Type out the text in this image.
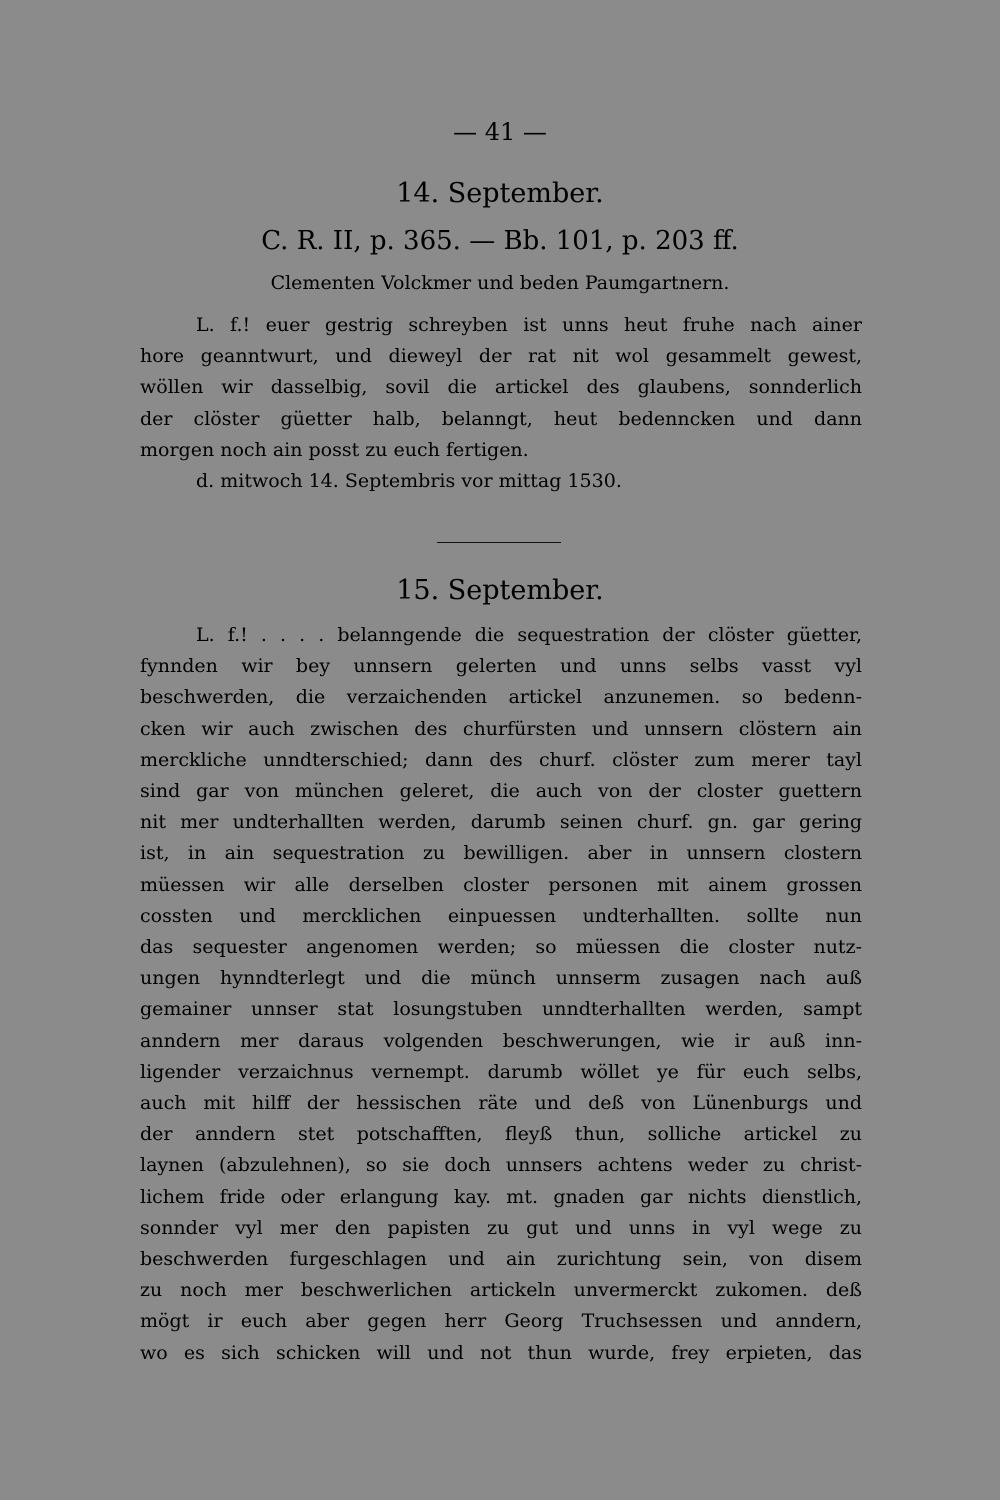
— 41 —
14. September.
C. R. II, p. 365. — Bb. 101, p. 203 ff.
Clementen Volckmer und beden Paumgartnern.
L. f.! euer gestrig schreyben ist unns heut fruhe nach ainer
hore geanntwurt, und dieweyl der rat nit wol gesammelt gewest,
wöllen wir dasselbig, sovil die artickel des glaubens, sonnderlich
der clöster güetter halb, belanngt, heut bedennсken und dann
morgen noch ain posst zu euch fertigen.
d. mitwoch 14. Septembris vor mittag 1530.
15. September.
L. f.! . . . . belanngende die sequestration der clöster güetter,
fynnden wir bey unnsern gelerten und unns selbs vasst vyl
beschwerden, die verzaichenden artickel anzunemen. so bedenn-
cken wir auch zwischen des churfürsten und unnsern clöstern ain
mercklіche unndterschied; dann des churf. clöster zum merer tayl
sind gar von münchen geleret, die auch von der closter guettern
nit mer undterhallten werden, darumb seinen churf. gn. gar gering
ist, in ain sequestration zu bewilligen. aber in unnsern clostern
müessen wir alle derselben closter personen mit ainem grossen
cossten und mercklichen einpuessen undterhallten. sollte nun
das sequester angenomen werden; so müessen die closter nutz-
ungen hynndterlegt und die münch unnserm zusagen nach auß
gemainer unnser stat losungstuben unndterhallten werden, sampt
anndern mer daraus volgenden beschwerungen, wie ir auß inn-
ligender verzaichnus vernempt. darumb wöllet ye für euch selbs,
auch mit hilff der hessischen räte und deß von Lünenburgs und
der anndern stet potschafften, fleyß thun, solliche artickel zu
laynen (abzulehnen), so sie doch unnsers achtens weder zu christ-
lichem fride oder erlangung kay. mt. gnaden gar nichts dienstlich,
sonnder vyl mer den papisten zu gut und unns in vyl wege zu
beschwerden furgeschlagen und ain zurichtung sein, von disem
zu noch mer beschwerlichen artickeln unvermerckt zukomen. deß
mögt ir euch aber gegen herr Georg Truchsessen und anndern,
wo es sich schicken will und not thun wurde, frey erpieten, das
